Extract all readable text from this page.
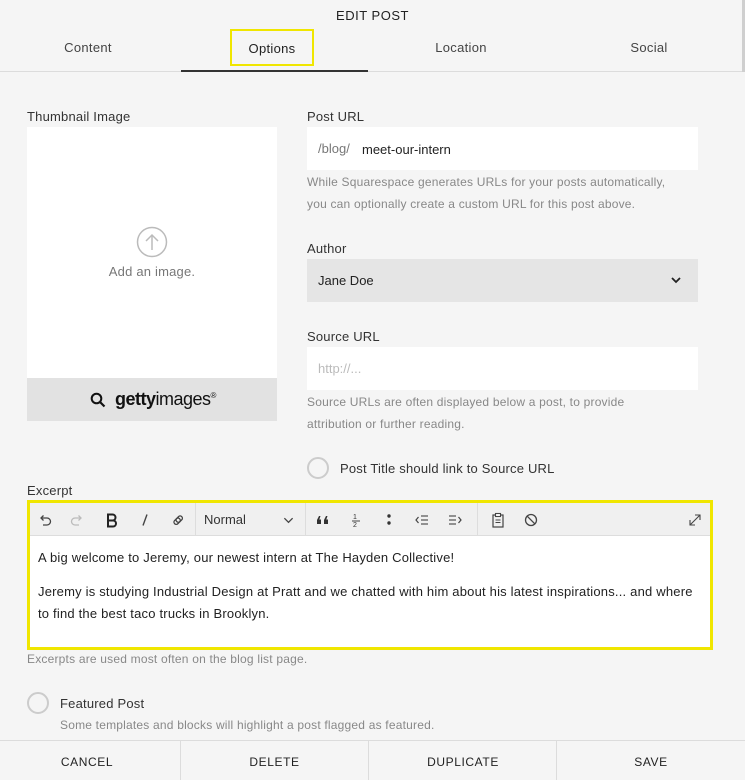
EDIT POST
Content	Options	Location	Social
Thumbnail Image
Add an image.
gettyimages®
Post URL
/blog/ meet-our-intern
While Squarespace generates URLs for your posts automatically,
you can optionally create a custom URL for this post above.
Author
Jane Doe
Source URL
http://...
Source URLs are often displayed below a post, to provide
attribution or further reading.
Post Title should link to Source URL
Excerpt
Normal	1
2

A big welcome to Jeremy, our newest intern at The Hayden Collective!

Jeremy is studying Industrial Design at Pratt and we chatted with him about his latest inspirations... and where to find the best taco trucks in Brooklyn.

Excerpts are used most often on the blog list page.
Featured Post
Some templates and blocks will highlight a post flagged as featured.
CANCEL	DELETE	DUPLICATE	SAVE
